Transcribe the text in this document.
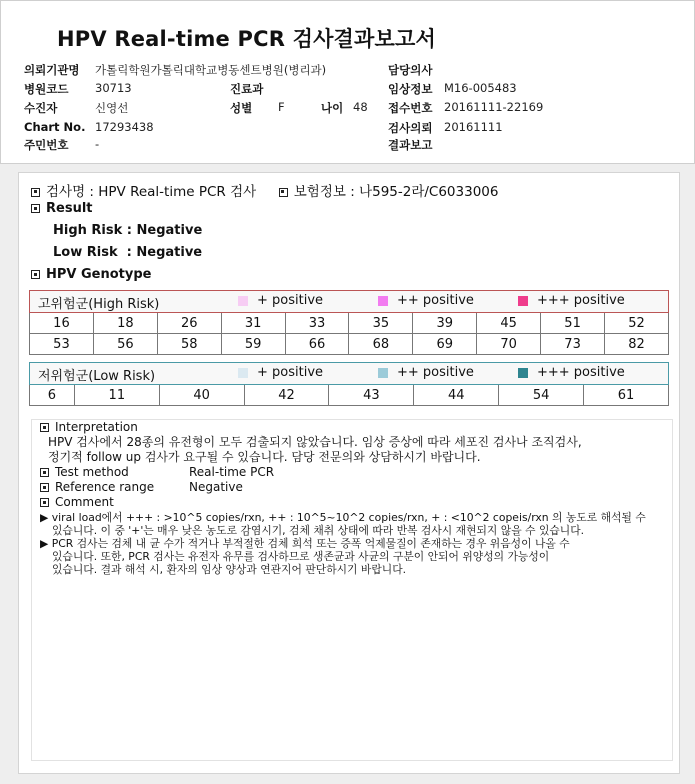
HPV Real-time PCR 검사결과보고서
의뢰기관명 가톨릭학원가톨릭대학교병동센트병원(병리과)	담당의사
병원코드 30713	진료과	임상정보 M16-005483
수진자	신영선	성별 F	나이 48 접수번호 20161111-22169
Chart No. 17293438	검사의뢰 20161111
주민번호 -	결과보고
검사명 : HPV Real-time PCR 검사	보험정보 : 나595-2라/C6033006
Result
High Risk : Negative
Low Risk  : Negative
HPV Genotype
고위험군(High Risk) + positive ++ positive +++ positive									

16	18	26	31	33	35	39	45	51	52
53	56	58	59	66	68	69	70	73	82
저위험군(Low Risk)	+ positive	++ positive	+++ positive

6	11	40	42	43	44	54	61
Interpretation
HPV 검사에서 28종의 유전형이 모두 검출되지 않았습니다. 임상 증상에 따라 세포진 검사나 조직검사,
정기적 follow up 검사가 요구될 수 있습니다. 담당 전문의와 상담하시기 바랍니다.
Test method	Real-time PCR
Reference range	Negative
Comment
▶ viral load에서 +++ : >10^5 copies/rxn, ++ : 10^5~10^2 copies/rxn, + : <10^2 copeis/rxn 의 농도로 해석될 수
있습니다. 이 중 '+'는 매우 낮은 농도로 감염시기, 검체 채취 상태에 따라 반복 검사시 재현되지 않을 수 있습니다.
▶ PCR 검사는 검체 내 균 수가 적거나 부적절한 검체 희석 또는 증폭 억제물질이 존재하는 경우 위음성이 나올 수
있습니다. 또한, PCR 검사는 유전자 유무를 검사하므로 생존균과 사균의 구분이 안되어 위양성의 가능성이
있습니다. 결과 해석 시, 환자의 임상 양상과 연관지어 판단하시기 바랍니다.
